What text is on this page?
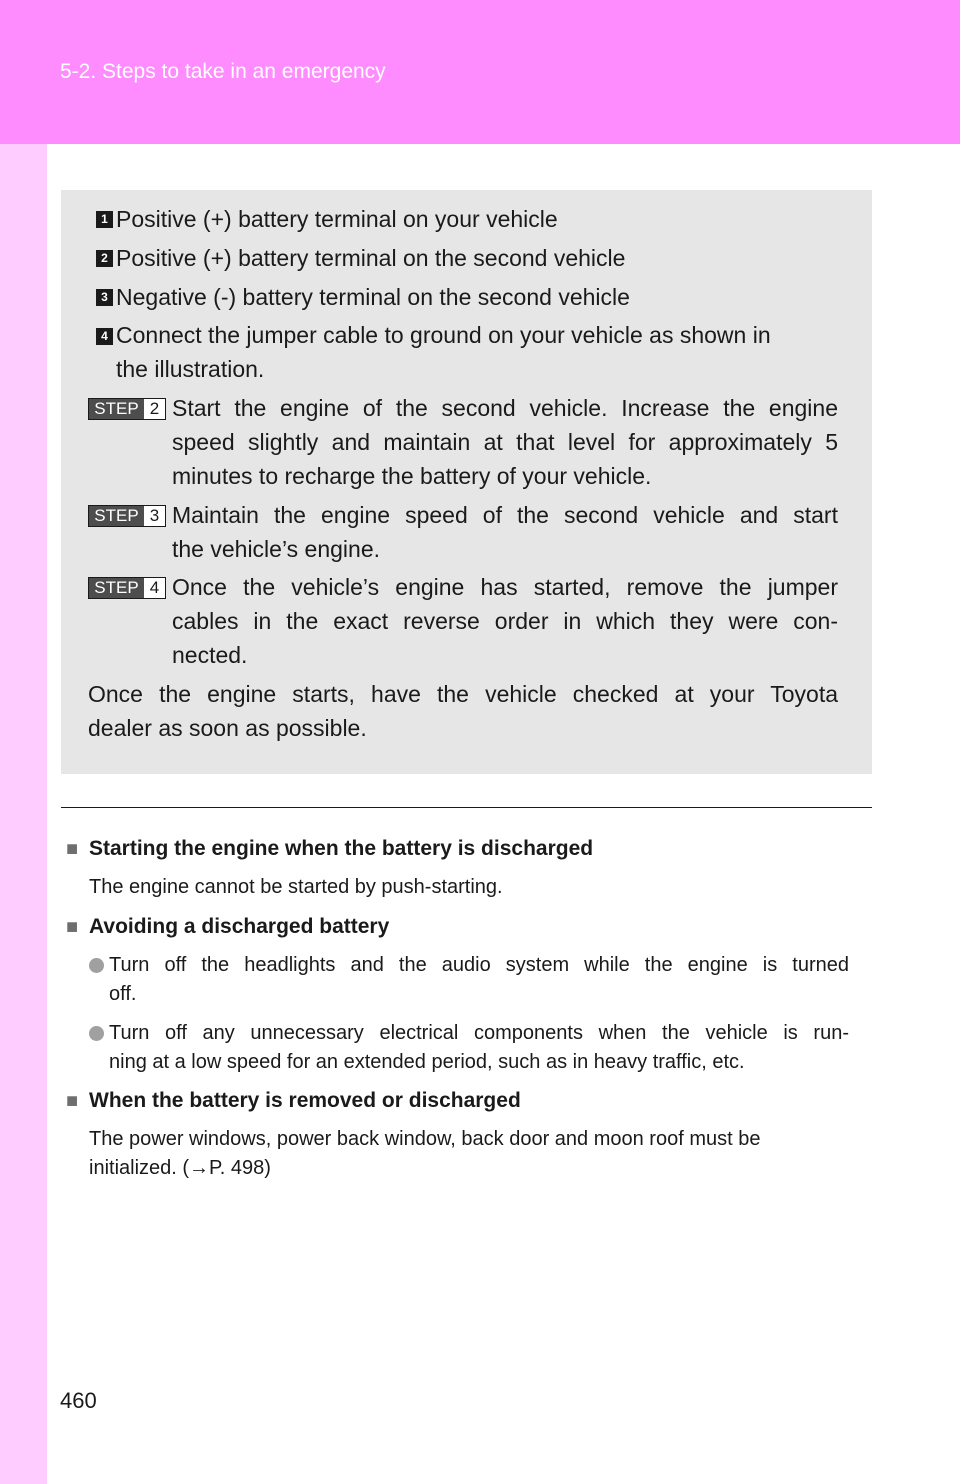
5-2. Steps to take in an emergency
1 Positive (+) battery terminal on your vehicle
2 Positive (+) battery terminal on the second vehicle
3 Negative (-) battery terminal on the second vehicle
4 Connect the jumper cable to ground on your vehicle as shown in
the illustration.
STEP 2 Start the engine of the second vehicle. Increase the engine
speed slightly and maintain at that level for approximately 5
minutes to recharge the battery of your vehicle.
STEP 3 Maintain the engine speed of the second vehicle and start
the vehicle’s engine.
STEP 4 Once the vehicle’s engine has started, remove the jumper
cables in the exact reverse order in which they were con-
nected.
Once the engine starts, have the vehicle checked at your Toyota
dealer as soon as possible.
■ Starting the engine when the battery is discharged
The engine cannot be started by push-starting.
■ Avoiding a discharged battery
Turn off the headlights and the audio system while the engine is turned
off.
Turn off any unnecessary electrical components when the vehicle is run-
ning at a low speed for an extended period, such as in heavy traffic, etc.
■ When the battery is removed or discharged
The power windows, power back window, back door and moon roof must be
initialized. (→P. 498)
460
